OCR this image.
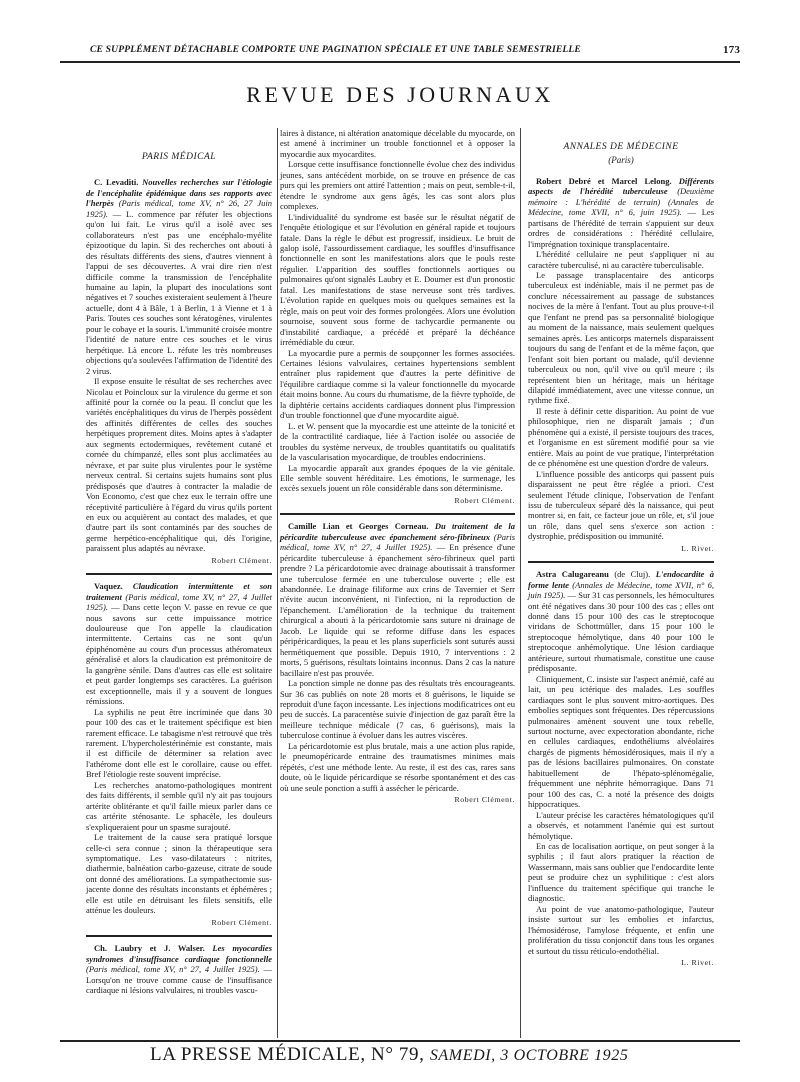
CE SUPPLÉMENT DÉTACHABLE COMPORTE UNE PAGINATION SPÉCIALE ET UNE TABLE SEMESTRIELLE	173
REVUE DES JOURNAUX

PARIS MÉDICAL

C. Levaditi. Nouvelles recherches sur l'étiologie de l'encéphalite épidémique dans ses rapports avec l'herpès (Paris médical, tome XV, n° 26, 27 Juin 1925). — L. commence par réfuter les objections qu'on lui fait. Le virus qu'il a isolé avec ses collaborateurs n'est pas une encéphalo-myélite épizootique du lapin. Si des recherches ont abouti à des résultats différents des siens, d'autres viennent à l'appui de ses découvertes. A vrai dire rien n'est difficile comme la transmission de l'encéphalite humaine au lapin, la plupart des inoculations sont négatives et 7 souches existeraient seulement à l'heure actuelle, dont 4 à Bâle, 1 à Berlin, 1 à Vienne et 1 à Paris. Toutes ces souches sont kératogènes, virulentes pour le cobaye et la souris. L'immunité croisée montre l'identité de nature entre ces souches et le virus herpétique. Là encore L. réfute les très nombreuses objections qu'a soulevées l'affirmation de l'identité des 2 virus.

Il expose ensuite le résultat de ses recherches avec Nicolau et Poincloux sur la virulence du germe et son affinité pour la cornée ou la peau. Il conclut que les variétés encéphalitiques du virus de l'herpès possèdent des affinités différentes de celles des souches herpétiques proprement dites. Moins aptes à s'adapter aux segments ectodermiques, revêtement cutané et cornée du chimpanzé, elles sont plus acclimatées au névraxe, et par suite plus virulentes pour le système nerveux central. Si certains sujets humains sont plus prédisposés que d'autres à contracter la maladie de Von Economo, c'est que chez eux le terrain offre une réceptivité particulière à l'égard du virus qu'ils portent en eux ou acquièrent au contact des malades, et que d'autre part ils sont contaminés par des souches de germe herpético-encéphalitique qui, dès l'origine, paraissent plus adaptés au névraxe.

Robert Clément.

Vaquez. Claudication intermittente et son traitement (Paris médical, tome XV, n° 27, 4 Juillet 1925). — Dans cette leçon V. passe en revue ce que nous savons sur cette impuissance motrice douloureuse que l'on appelle la claudication intermittente. Certains cas ne sont qu'un épiphénomène au cours d'un processus athéromateux généralisé et alors la claudication est prémonitoire de la gangrène sénile. Dans d'autres cas elle est solitaire et peut garder longtemps ses caractères. La guérison est exceptionnelle, mais il y a souvent de longues rémissions.

La syphilis ne peut être incriminée que dans 30 pour 100 des cas et le traitement spécifique est bien rarement efficace. Le tabagisme n'est retrouvé que très rarement. L'hypercholestérinémie est constante, mais il est difficile de déterminer sa relation avec l'athérome dont elle est le corollaire, cause ou effet. Bref l'étiologie reste souvent imprécise.

Les recherches anatomo-pathologiques montrent des faits différents, il semble qu'il n'y ait pas toujours artérite oblitérante et qu'il faille mieux parler dans ce cas artérite sténosante. Le sphacèle, les douleurs s'expliqueraient pour un spasme surajouté.

Le traitement de la cause sera pratiqué lorsque celle-ci sera connue ; sinon la thérapeutique sera symptomatique. Les vaso-dilatateurs : nitrites, diathermie, balnéation carbo-gazeuse, citrate de soude ont donné des améliorations. La sympathectomie sus-jacente donne des résultats inconstants et éphémères ; elle est utile en détruisant les filets sensitifs, elle atténue les douleurs.

Robert Clément.

Ch. Laubry et J. Walser. Les myocardies syndromes d'insuffisance cardiaque fonctionnelle (Paris médical, tome XV, n° 27, 4 Juillet 1925). — Lorsqu'on ne trouve comme cause de l'insuffisance cardiaque ni lésions valvulaires, ni troubles vascu-

laires à distance, ni altération anatomique décelable du myocarde, on est amené à incriminer un trouble fonctionnel et à opposer la myocardie aux myocardites.

Lorsque cette insuffisance fonctionnelle évolue chez des individus jeunes, sans antécédent morbide, on se trouve en présence de cas purs qui les premiers ont attiré l'attention ; mais on peut, semble-t-il, étendre le syndrome aux gens âgés, les cas sont alors plus complexes.

L'individualité du syndrome est basée sur le résultat négatif de l'enquête étiologique et sur l'évolution en général rapide et toujours fatale. Dans la règle le début est progressif, insidieux. Le bruit de galop isolé, l'assourdissement cardiaque, les souffles d'insuffisance fonctionnelle en sont les manifestations alors que le pouls reste régulier. L'apparition des souffles fonctionnels aortiques ou pulmonaires qu'ont signalés Laubry et E. Doumer est d'un pronostic fatal. Les manifestations de stase nerveuse sont très tardives. L'évolution rapide en quelques mois ou quelques semaines est la règle, mais on peut voir des formes prolongées. Alors une évolution sournoise, souvent sous forme de tachycardie permanente ou d'instabilité cardiaque, a précédé et préparé la déchéance irrémédiable du cœur.

La myocardie pure a permis de soupçonner les formes associées. Certaines lésions valvulaires, certaines hypertensions semblent entraîner plus rapidement que d'autres la perte définitive de l'équilibre cardiaque comme si la valeur fonctionnelle du myocarde était moins bonne. Au cours du rhumatisme, de la fièvre typhoïde, de la diphtérie certains accidents cardiaques donnent plus l'impression d'un trouble fonctionnel que d'une myocardite aiguë.

L. et W. pensent que la myocardie est une atteinte de la tonicité et de la contractilité cardiaque, liée à l'action isolée ou associée de troubles du système nerveux, de troubles quantitatifs ou qualitatifs de la vascularisation myocardique, de troubles endocriniens.

La myocardie apparaît aux grandes époques de la vie génitale. Elle semble souvent héréditaire. Les émotions, le surmenage, les excès sexuels jouent un rôle considérable dans son déterminisme.

Robert Clément.

Camille Lian et Georges Corneau. Du traitement de la péricardite tuberculeuse avec épanchement séro-fibrineux (Paris médical, tome XV, n° 27, 4 Juillet 1925). — En présence d'une péricardite tuberculeuse à épanchement séro-fibrineux quel parti prendre ? La péricardotomie avec drainage aboutissait à transformer une tuberculose fermée en une tuberculose ouverte ; elle est abandonnée. Le drainage filiforme aux crins de Tavernier et Serr n'évite aucun inconvénient, ni l'infection, ni la reproduction de l'épanchement. L'amélioration de la technique du traitement chirurgical a abouti à la péricardotomie sans suture ni drainage de Jacob. Le liquide qui se reforme diffuse dans les espaces péripéricardiques, la peau et les plans superficiels sont suturés aussi hermétiquement que possible. Depuis 1910, 7 interventions : 2 morts, 5 guérisons, résultats lointains inconnus. Dans 2 cas la nature bacillaire n'est pas prouvée.

La ponction simple ne donne pas des résultats très encourageants. Sur 36 cas publiés on note 28 morts et 8 guérisons, le liquide se reproduit d'une façon incessante. Les injections modificatrices ont eu peu de succès. La paracentèse suivie d'injection de gaz paraît être la meilleure technique médicale (7 cas, 6 guérisons), mais la tuberculose continue à évoluer dans les autres viscères.

La péricardotomie est plus brutale, mais a une action plus rapide, le pneumopéricarde entraine des traumatismes minimes mais répétés, c'est une méthode lente. Au reste, il est des cas, rares sans doute, où le liquide péricardique se résorbe spontanément et des cas où une seule ponction a suffi à assécher le péricarde.

Robert Clément.

ANNALES DE MÉDECINE

(Paris)

Robert Debré et Marcel Lelong. Différents aspects de l'hérédité tuberculeuse (Deuxième mémoire : L'hérédité de terrain) (Annales de Médecine, tome XVII, n° 6, juin 1925). — Les partisans de l'hérédité de terrain s'appuient sur deux ordres de considérations : l'hérédité cellulaire, l'imprégnation toxinique transplacentaire.

L'hérédité cellulaire ne peut s'appliquer ni au caractère tuberculisé, ni au caractère tuberculisable.

Le passage transplacentaire des anticorps tuberculeux est indéniable, mais il ne permet pas de conclure nécessairement au passage de substances nocives de la mère à l'enfant. Tout au plus prouve-t-il que l'enfant ne prend pas sa personnalité biologique au moment de la naissance, mais seulement quelques semaines après. Les anticorps maternels disparaissent toujours du sang de l'enfant et de la même façon, que l'enfant soit bien portant ou malade, qu'il devienne tuberculeux ou non, qu'il vive ou qu'il meure ; ils représentent bien un héritage, mais un héritage dilapidé immédiatement, avec une vitesse connue, un rythme fixé.

Il reste à définir cette disparition. Au point de vue philosophique, rien ne disparaît jamais ; d'un phénomène qui a existé, il persiste toujours des traces, et l'organisme en est sûrement modifié pour sa vie entière. Mais au point de vue pratique, l'interprétation de ce phénomène est une question d'ordre de valeurs.

L'influence possible des anticorps qui passent puis disparaissent ne peut être réglée a priori. C'est seulement l'étude clinique, l'observation de l'enfant issu de tuberculeux séparé dès la naissance, qui peut montrer si, en fait, ce facteur joue un rôle, et, s'il joue un rôle, dans quel sens s'exerce son action : dystrophie, prédisposition ou immunité.

L. Rivet.

Astra Calugareanu (de Cluj). L'endocardite à forme lente (Annales de Médecine, tome XVII, n° 6, juin 1925). — Sur 31 cas personnels, les hémocultures ont été négatives dans 30 pour 100 des cas ; elles ont donné dans 15 pour 100 des cas le streptocoque viridans de Schottmüller, dans 15 pour 100 le streptocoque hémolytique, dans 40 pour 100 le streptocoque anhémolytique. Une lésion cardiaque antérieure, surtout rhumatismale, constitue une cause prédisposante.

Cliniquement, C. insiste sur l'aspect anémié, café au lait, un peu ictérique des malades. Les souffles cardiaques sont le plus souvent mitro-aortiques. Des embolies septiques sont fréquentes. Des répercussions pulmonaires amènent souvent une toux rebelle, surtout nocturne, avec expectoration abondante, riche en cellules cardiaques, endothéliums alvéolaires chargés de pigments hémosidérosiques, mais il n'y a pas de lésions bacillaires pulmonaires. On constate habituellement de l'hépato-splénomégalie, fréquemment une néphrite hémorragique. Dans 71 pour 100 des cas, C. a noté la présence des doigts hippocratiques.

L'auteur précise les caractères hématologiques qu'il a observés, et notamment l'anémie qui est surtout hémolytique.

En cas de localisation aortique, on peut songer à la syphilis ; il faut alors pratiquer la réaction de Wassermann, mais sans oublier que l'endocardite lente peut se produire chez un syphilitique : c'est alors l'influence du traitement spécifique qui tranche le diagnostic.

Au point de vue anatomo-pathologique, l'auteur insiste surtout sur les embolies et infarctus, l'hémosidérose, l'amylose fréquente, et enfin une prolifération du tissu conjonctif dans tous les organes et surtout du tissu réticulo-endothélial.

L. Rivet.

LA PRESSE MÉDICALE, N° 79, SAMEDI, 3 OCTOBRE 1925
